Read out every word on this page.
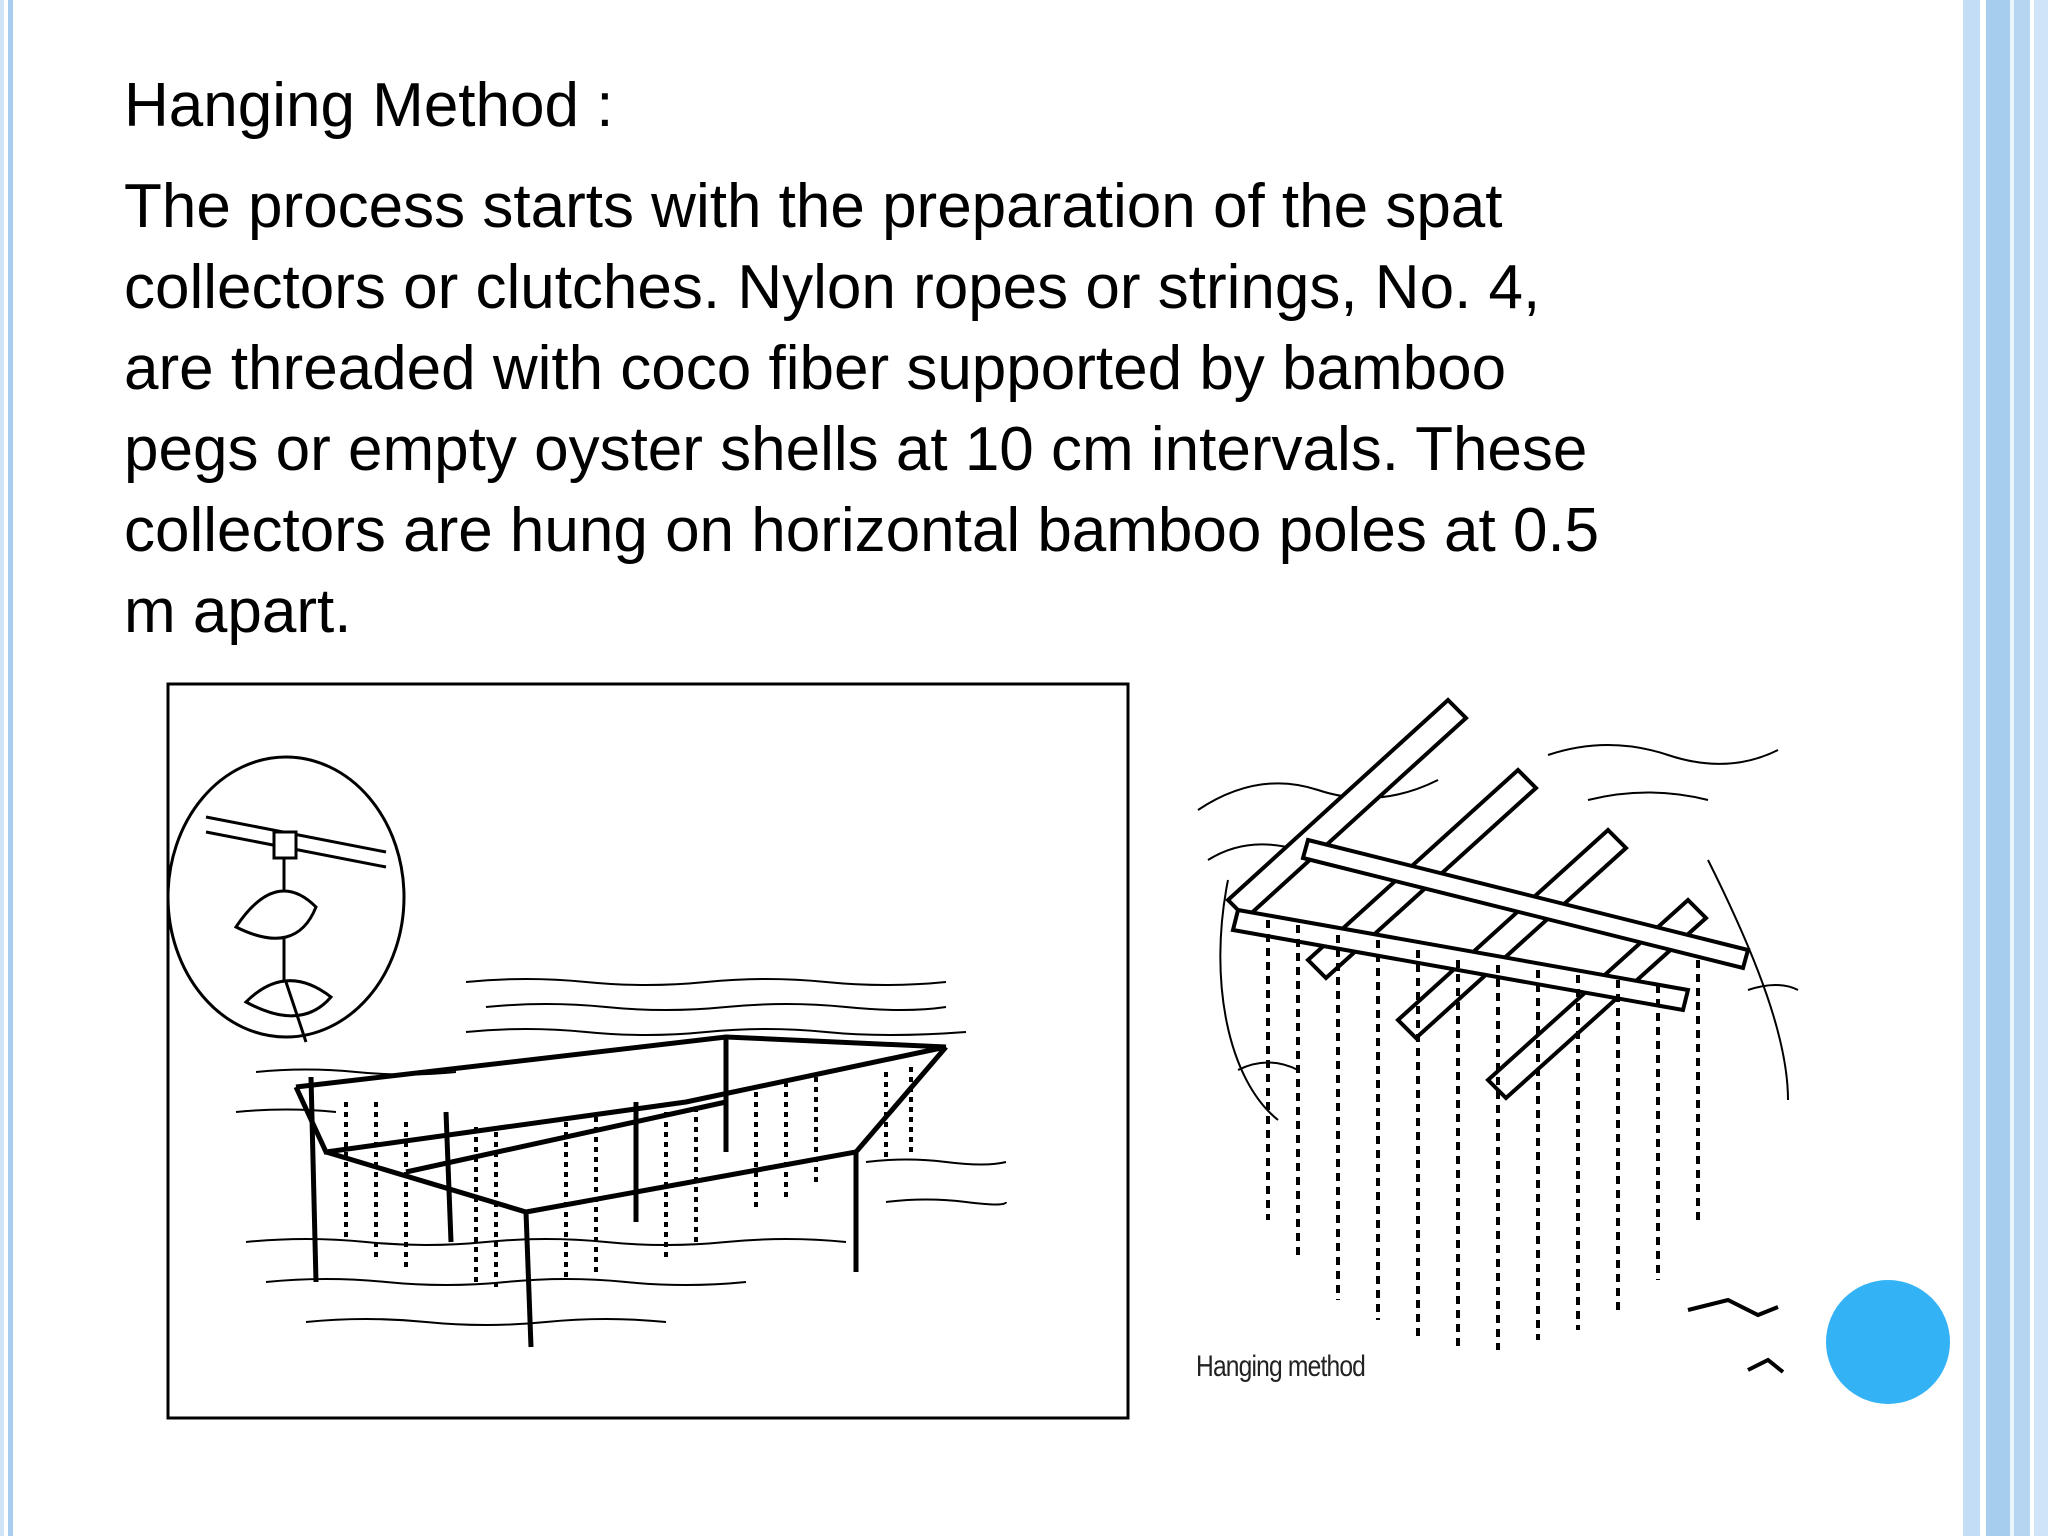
Hanging Method :

The process starts with the preparation of the spat
collectors or clutches. Nylon ropes or strings, No. 4,
are threaded with coco fiber supported by bamboo
pegs or empty oyster shells at 10 cm intervals. These
collectors are hung on horizontal bamboo poles at 0.5
m apart.

Hanging method
